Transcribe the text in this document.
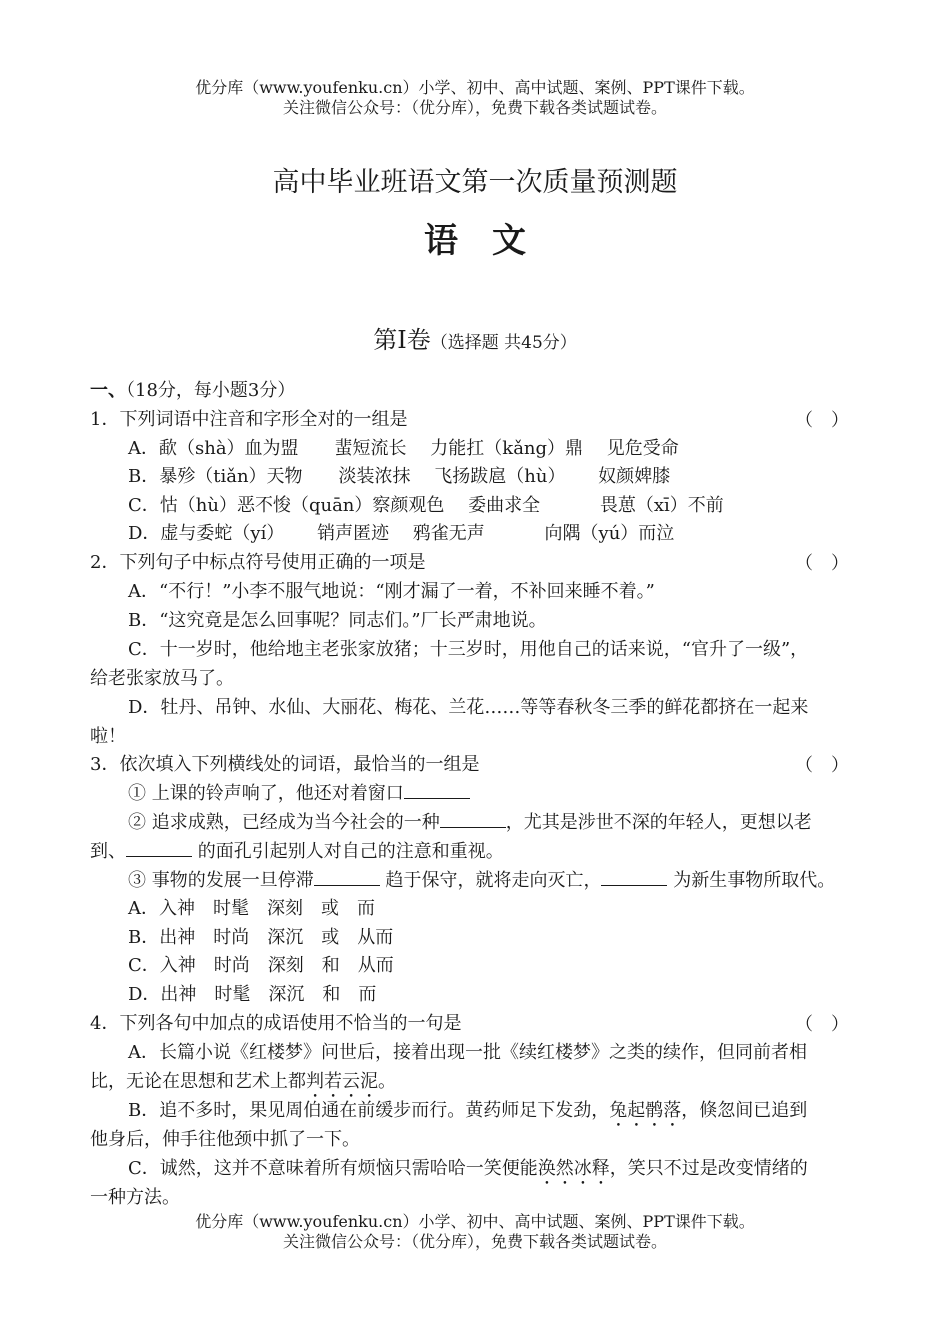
优分库（www.youfenku.cn）小学、初中、高中试题、案例、PPT课件下载。
关注微信公众号：（优分库），免费下载各类试题试卷。
高中毕业班语文第一次质量预测题
语　文
第Ⅰ卷（选择题 共45分）
一、（18分，每小题3分）
1．下列词语中注音和字形全对的一组是	（　）
A．歃（shà）血为盟　　蜚短流长　 力能扛（kǎng）鼎　 见危受命
B．暴殄（tiǎn）天物　　淡装浓抹　 飞扬跋扈（hù）　　 奴颜婢膝
C．怙（hù）恶不悛（quān）察颜观色　 委曲求全　　　 畏葸（xī）不前
D．虚与委蛇（yí）　　 销声匿迹　 鸦雀无声　　　 向隅（yú）而泣
2．下列句子中标点符号使用正确的一项是	（　）
A．“不行！”小李不服气地说：“刚才漏了一着，不补回来睡不着。”
B．“这究竟是怎么回事呢？同志们。”厂长严肃地说。
C．十一岁时，他给地主老张家放猪；十三岁时，用他自己的话来说，“官升了一级”，
给老张家放马了。
D．牡丹、吊钟、水仙、大丽花、梅花、兰花……等等春秋冬三季的鲜花都挤在一起来
啦！
3．依次填入下列横线处的词语，最恰当的一组是	（　）
① 上课的铃声响了，他还对着窗口
② 追求成熟，已经成为当今社会的一种	，尤其是涉世不深的年轻人，更想以老
到、	的面孔引起别人对自己的注意和重视。
③ 事物的发展一旦停滞	趋于保守，就将走向灭亡，	为新生事物所取代。
A．入神　时髦　深刻　或　而
B．出神　时尚　深沉　或　从而
C．入神　时尚　深刻　和　从而
D．出神　时髦　深沉　和　而
4．下列各句中加点的成语使用不恰当的一句是	（　）
A．长篇小说《红楼梦》问世后，接着出现一批《续红楼梦》之类的续作，但同前者相
比，无论在思想和艺术上都判若云泥。
B．追不多时，果见周伯通在前缓步而行。黄药师足下发劲，兔起鹘落，倏忽间已追到
他身后，伸手往他颈中抓了一下。
C．诚然，这并不意味着所有烦恼只需哈哈一笑便能涣然冰释，笑只不过是改变情绪的
一种方法。
优分库（www.youfenku.cn）小学、初中、高中试题、案例、PPT课件下载。
关注微信公众号：（优分库），免费下载各类试题试卷。
